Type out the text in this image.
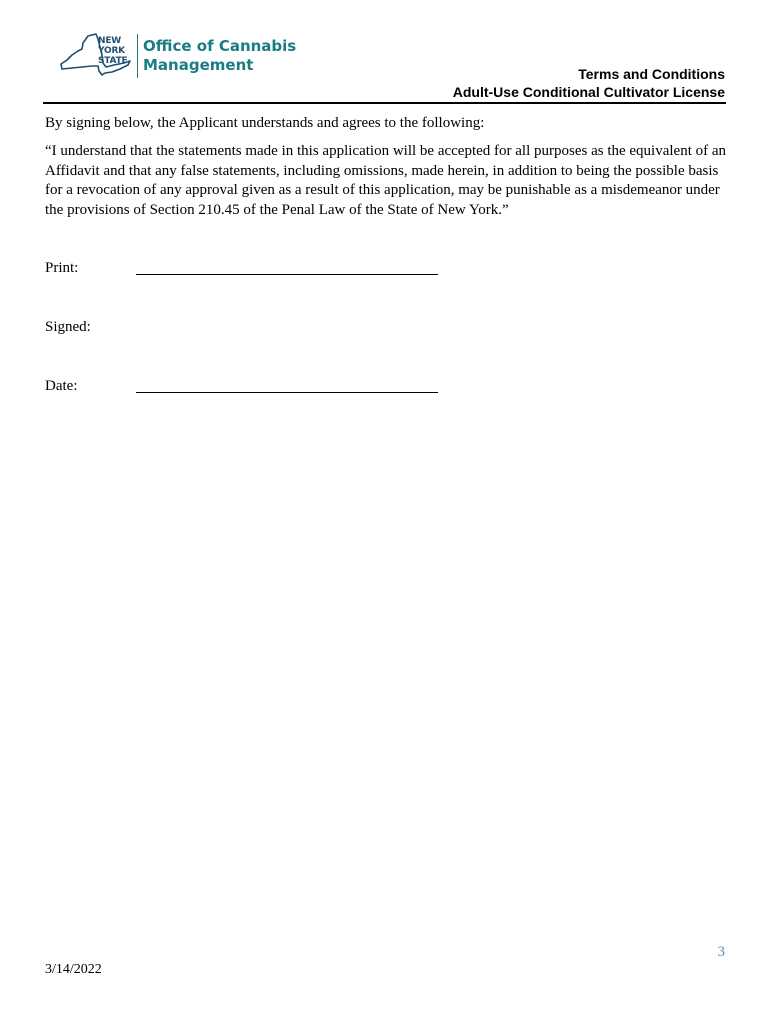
NEW
YORK
STATE
Office of Cannabis
Management	Terms and Conditions
Adult-Use Conditional Cultivator License

By signing below, the Applicant understands and agrees to the following:

“I understand that the statements made in this application will be accepted for all purposes as the equivalent of an Affidavit and that any false statements, including omissions, made herein, in addition to being the possible basis for a revocation of any approval given as a result of this application, may be punishable as a misdemeanor under the provisions of Section 210.45 of the Penal Law of the State of New York.”

Print:
Signed:
Date:
3
3/14/2022
